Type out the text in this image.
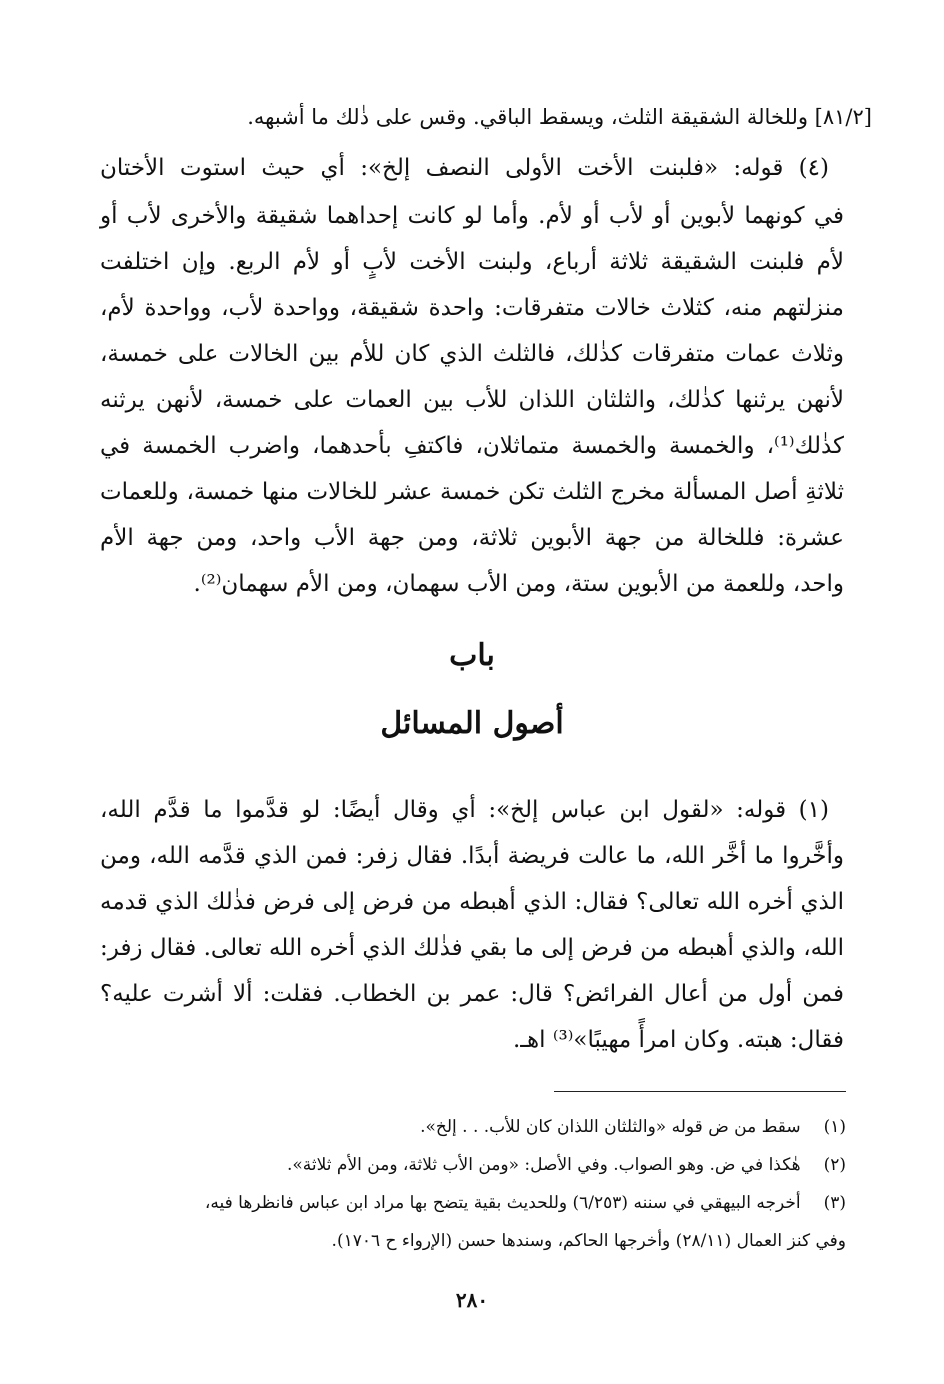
[٨١/٢] وللخالة الشقيقة الثلث، ويسقط الباقي. وقس على ذٰلك ما أشبهه.
(٤) قوله: «فلبنت الأخت الأولى النصف إلخ»: أي حيث استوت الأختان
في كونهما لأبوين أو لأب أو لأم. وأما لو كانت إحداهما شقيقة والأخرى لأب أو
لأم فلبنت الشقيقة ثلاثة أرباع، ولبنت الأخت لأبٍ أو لأم الربع. وإن اختلفت
منزلتهم منه، كثلاث خالات متفرقات: واحدة شقيقة، وواحدة لأب، وواحدة لأم،
وثلاث عمات متفرقات كذٰلك، فالثلث الذي كان للأم بين الخالات على خمسة،
لأنهن يرثنها كذٰلك، والثلثان اللذان للأب بين العمات على خمسة، لأنهن يرثنه
كذٰلك⁽¹⁾، والخمسة والخمسة متماثلان، فاكتفِ بأحدهما، واضرب الخمسة في
ثلاثةِ أصل المسألة مخرج الثلث تكن خمسة عشر للخالات منها خمسة، وللعمات
عشرة: فللخالة من جهة الأبوين ثلاثة، ومن جهة الأب واحد، ومن جهة الأم
واحد، وللعمة من الأبوين ستة، ومن الأب سهمان، ومن الأم سهمان⁽²⁾.
باب
أصول المسائل
(١) قوله: «لقول ابن عباس إلخ»: أي وقال أيضًا: لو قدَّموا ما قدَّم الله،
وأخَّروا ما أخَّر الله، ما عالت فريضة أبدًا. فقال زفر: فمن الذي قدَّمه الله، ومن
الذي أخره الله تعالى؟ فقال: الذي أهبطه من فرض إلى فرض فذٰلك الذي قدمه
الله، والذي أهبطه من فرض إلى ما بقي فذٰلك الذي أخره الله تعالى. فقال زفر:
فمن أول من أعال الفرائض؟ قال: عمر بن الخطاب. فقلت: ألا أشرت عليه؟
فقال: هبته. وكان امرأً مهيبًا»⁽³⁾ اهـ.
(١) سقط من ض قوله «والثلثان اللذان كان للأب. . . إلخ».
(٢) هٰكذا في ض. وهو الصواب. وفي الأصل: «ومن الأب ثلاثة، ومن الأم ثلاثة».
(٣) أخرجه البيهقي في سننه (٦/٢٥٣) وللحديث بقية يتضح بها مراد ابن عباس فانظرها فيه،
وفي كنز العمال (٢٨/١١) وأخرجها الحاكم، وسندها حسن (الإرواء ح ١٧٠٦).
٢٨٠
